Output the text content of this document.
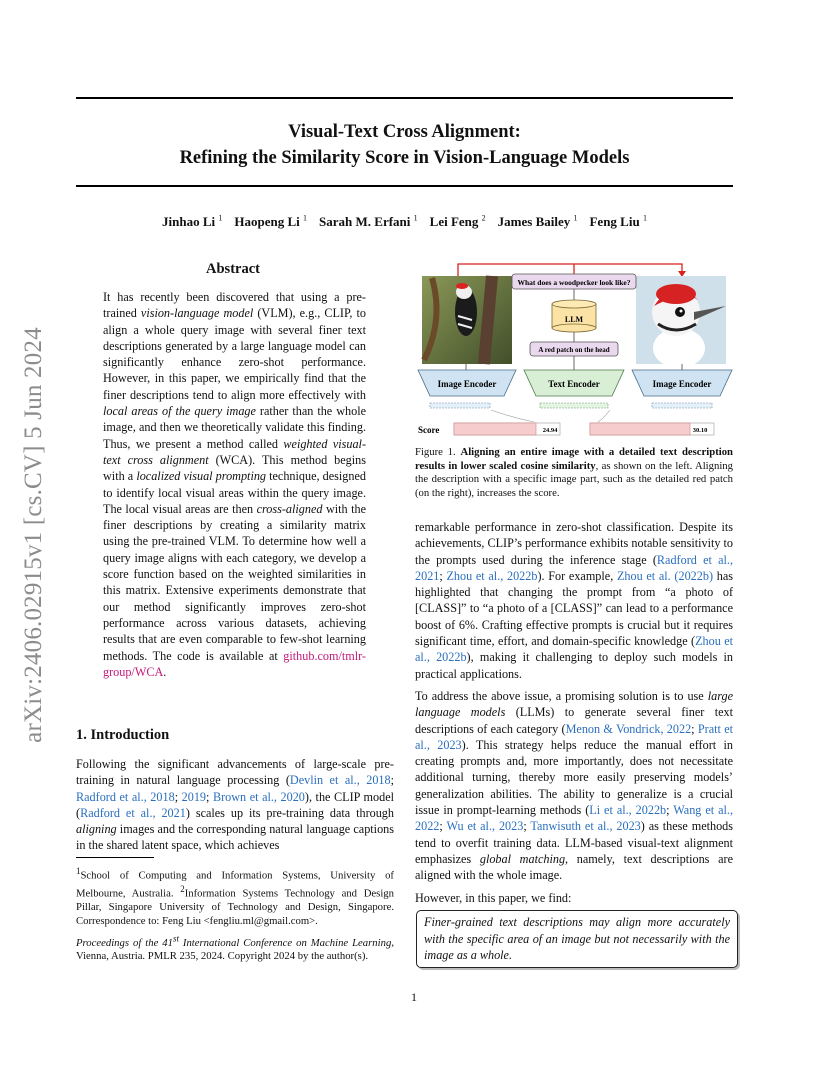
arXiv:2406.02915v1 [cs.CV] 5 Jun 2024
Visual-Text Cross Alignment:
Refining the Similarity Score in Vision-Language Models
Jinhao Li $^1$ Haopeng Li $^1$ Sarah M. Erfani $^1$ Lei Feng $^2$ James Bailey $^1$ Feng Liu $^1$
Abstract
It has recently been discovered that using a pre-trained vision-language model (VLM), e.g., CLIP, to align a whole query image with several finer text descriptions generated by a large language model can significantly enhance zero-shot performance. However, in this paper, we empirically find that the finer descriptions tend to align more effectively with local areas of the query image rather than the whole image, and then we theoretically validate this finding. Thus, we present a method called weighted visual-text cross alignment (WCA). This method begins with a localized visual prompting technique, designed to identify local visual areas within the query image. The local visual areas are then cross-aligned with the finer descriptions by creating a similarity matrix using the pre-trained VLM. To determine how well a query image aligns with each category, we develop a score function based on the weighted similarities in this matrix. Extensive experiments demonstrate that our method significantly improves zero-shot performance across various datasets, achieving results that are even comparable to few-shot learning methods. The code is available at github.com/tmlr-group/WCA.
1. Introduction
Following the significant advancements of large-scale pre-training in natural language processing (Devlin et al., 2018; Radford et al., 2018; 2019; Brown et al., 2020), the CLIP model (Radford et al., 2021) scales up its pre-training data through aligning images and the corresponding natural language captions in the shared latent space, which achieves
$^1$School of Computing and Information Systems, University of Melbourne, Australia. $^2$Information Systems Technology and Design Pillar, Singapore University of Technology and Design, Singapore. Correspondence to: Feng Liu <fengliu.ml@gmail.com>.
Proceedings of the 41st International Conference on Machine Learning, Vienna, Austria. PMLR 235, 2024. Copyright 2024 by the author(s).
What does a woodpecker look like?
LLM
A red patch on the head
Image Encoder	Text Encoder	Image Encoder
Score	24.94	30.10
Figure 1. Aligning an entire image with a detailed text description results in lower scaled cosine similarity, as shown on the left. Aligning the description with a specific image part, such as the detailed red patch (on the right), increases the score.
remarkable performance in zero-shot classification. Despite its achievements, CLIP’s performance exhibits notable sensitivity to the prompts used during the inference stage (Radford et al., 2021; Zhou et al., 2022b). For example, Zhou et al. (2022b) has highlighted that changing the prompt from “a photo of [CLASS]” to “a photo of a [CLASS]” can lead to a performance boost of 6%. Crafting effective prompts is crucial but it requires significant time, effort, and domain-specific knowledge (Zhou et al., 2022b), making it challenging to deploy such models in practical applications.
To address the above issue, a promising solution is to use large language models (LLMs) to generate several finer text descriptions of each category (Menon & Vondrick, 2022; Pratt et al., 2023). This strategy helps reduce the manual effort in creating prompts and, more importantly, does not necessitate additional turning, thereby more easily preserving models’ generalization abilities. The ability to generalize is a crucial issue in prompt-learning methods (Li et al., 2022b; Wang et al., 2022; Wu et al., 2023; Tanwisuth et al., 2023) as these methods tend to overfit training data. LLM-based visual-text alignment emphasizes global matching, namely, text descriptions are aligned with the whole image.
However, in this paper, we find:
Finer-grained text descriptions may align more accurately with the specific area of an image but not necessarily with the image as a whole.
1
